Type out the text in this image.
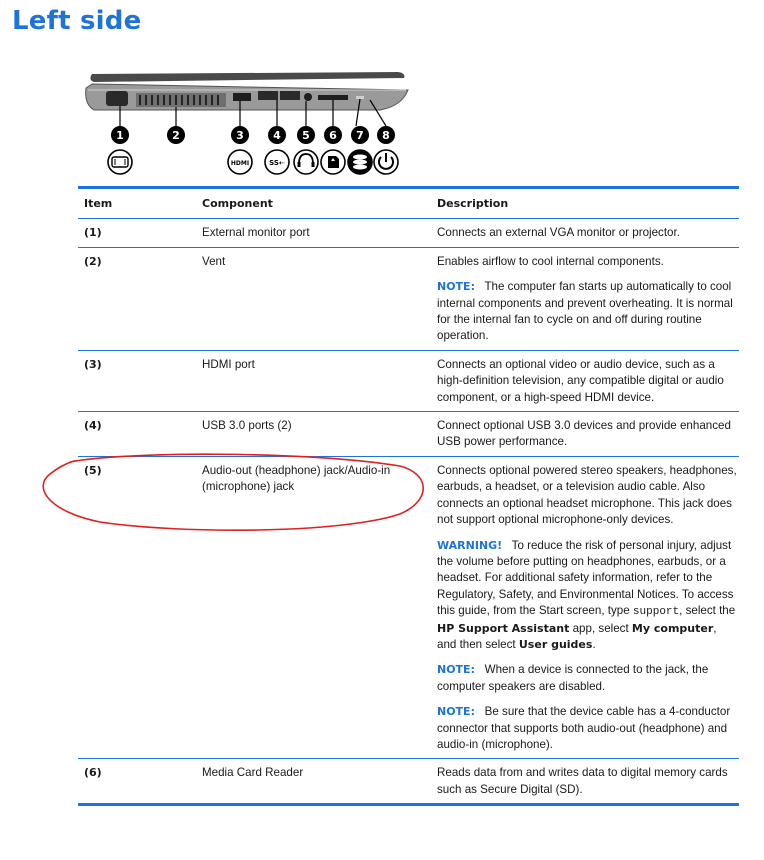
Left side
1	2	3	4 5 6 7 8
HDMI	SS⇠
Item	Component	Description
(1)	External monitor port	Connects an external VGA monitor or projector.

(2)	Vent	Enables airflow to cool internal components.

NOTE: The computer fan starts up automatically to cool internal components and prevent overheating. It is normal for the internal fan to cycle on and off during routine operation.

(3)	HDMI port	Connects an optional video or audio device, such as a high-definition television, any compatible digital or audio component, or a high-speed HDMI device.

(4)	USB 3.0 ports (2)	Connect optional USB 3.0 devices and provide enhanced USB power performance.

(5)	Audio-out (headphone) jack/Audio-in (microphone) jack	Connects optional powered stereo speakers, headphones, earbuds, a headset, or a television audio cable. Also connects an optional headset microphone. This jack does not support optional microphone-only devices.

WARNING! To reduce the risk of personal injury, adjust the volume before putting on headphones, earbuds, or a headset. For additional safety information, refer to the Regulatory, Safety, and Environmental Notices. To access this guide, from the Start screen, type support, select the HP Support Assistant app, select My computer, and then select User guides.

NOTE: When a device is connected to the jack, the computer speakers are disabled.

NOTE: Be sure that the device cable has a 4-conductor connector that supports both audio-out (headphone) and audio-in (microphone).

(6)	Media Card Reader	Reads data from and writes data to digital memory cards such as Secure Digital (SD).
